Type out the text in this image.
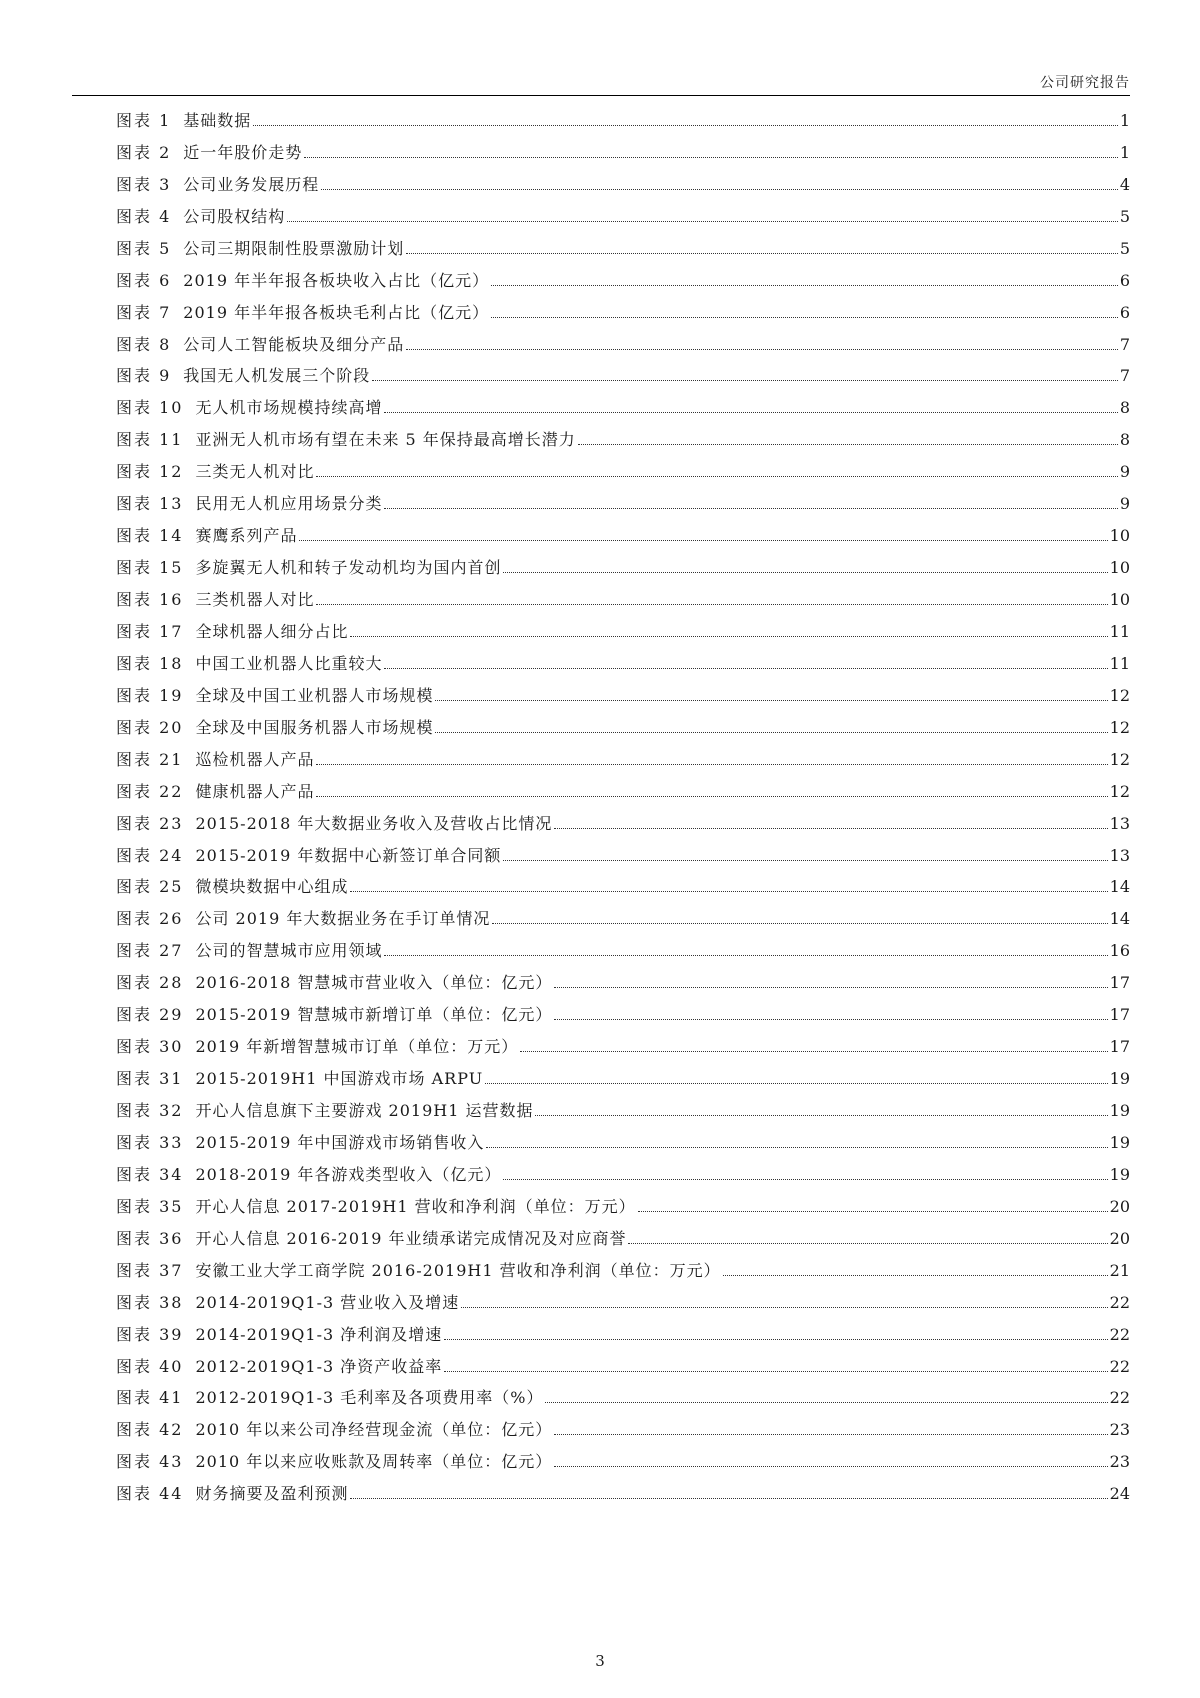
公司研究报告
图表 1 基础数据	1
图表 2 近一年股价走势	1
图表 3 公司业务发展历程	4
图表 4 公司股权结构	5
图表 5 公司三期限制性股票激励计划	5
图表 6 2019 年半年报各板块收入占比（亿元）	6
图表 7 2019 年半年报各板块毛利占比（亿元）	6
图表 8 公司人工智能板块及细分产品	7
图表 9 我国无人机发展三个阶段	7
图表 10 无人机市场规模持续高增	8
图表 11 亚洲无人机市场有望在未来 5 年保持最高增长潜力	8
图表 12 三类无人机对比	9
图表 13 民用无人机应用场景分类	9
图表 14 赛鹰系列产品	10
图表 15 多旋翼无人机和转子发动机均为国内首创	10
图表 16 三类机器人对比	10
图表 17 全球机器人细分占比	11
图表 18 中国工业机器人比重较大	11
图表 19 全球及中国工业机器人市场规模	12
图表 20 全球及中国服务机器人市场规模	12
图表 21 巡检机器人产品	12
图表 22 健康机器人产品	12
图表 23 2015-2018 年大数据业务收入及营收占比情况	13
图表 24 2015-2019 年数据中心新签订单合同额	13
图表 25 微模块数据中心组成	14
图表 26 公司 2019 年大数据业务在手订单情况	14
图表 27 公司的智慧城市应用领域	16
图表 28 2016-2018 智慧城市营业收入（单位：亿元）	17
图表 29 2015-2019 智慧城市新增订单（单位：亿元）	17
图表 30 2019 年新增智慧城市订单（单位：万元）	17
图表 31 2015-2019H1 中国游戏市场 ARPU	19
图表 32 开心人信息旗下主要游戏 2019H1 运营数据	19
图表 33 2015-2019 年中国游戏市场销售收入	19
图表 34 2018-2019 年各游戏类型收入（亿元）	19
图表 35 开心人信息 2017-2019H1 营收和净利润（单位：万元）	20
图表 36 开心人信息 2016-2019 年业绩承诺完成情况及对应商誉	20
图表 37 安徽工业大学工商学院 2016-2019H1 营收和净利润（单位：万元）	21
图表 38 2014-2019Q1-3 营业收入及增速	22
图表 39 2014-2019Q1-3 净利润及增速	22
图表 40 2012-2019Q1-3 净资产收益率	22
图表 41 2012-2019Q1-3 毛利率及各项费用率（%）	22
图表 42 2010 年以来公司净经营现金流（单位：亿元）	23
图表 43 2010 年以来应收账款及周转率（单位：亿元）	23
图表 44 财务摘要及盈利预测	24
3
